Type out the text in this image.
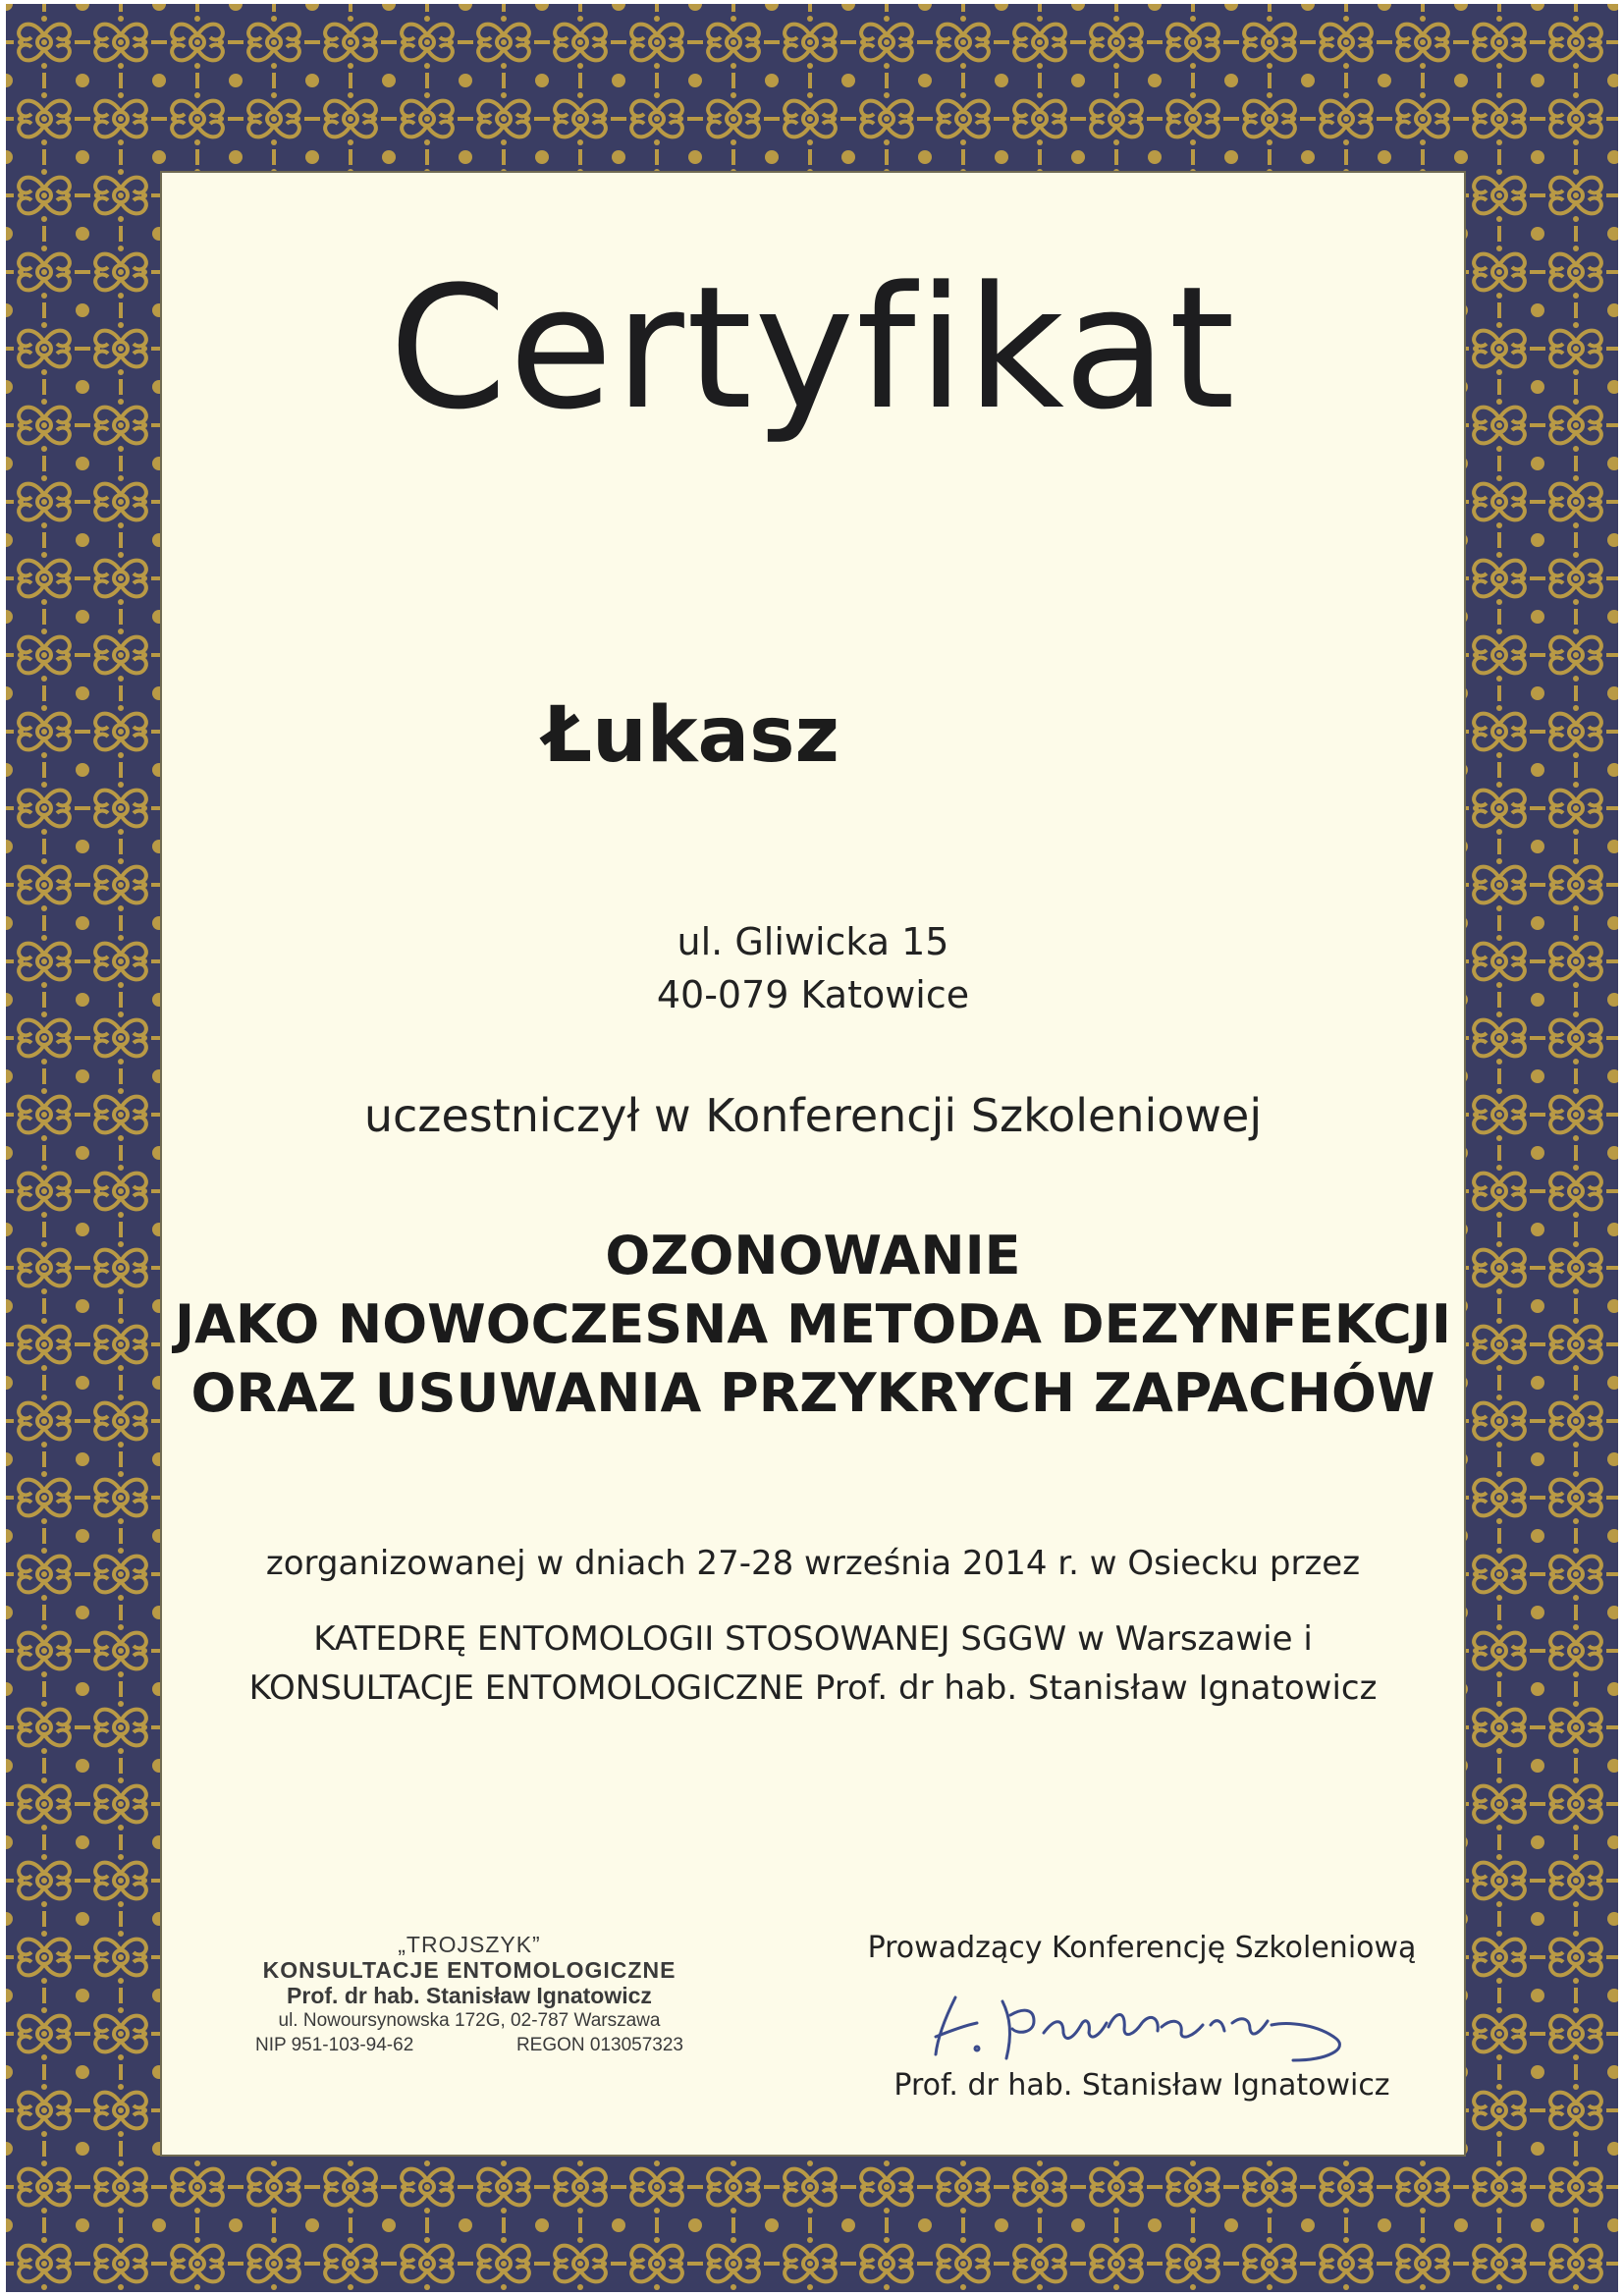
Certyfikat
Łukasz
ul. Gliwicka 15
40-079 Katowice
uczestniczył w Konferencji Szkoleniowej
OZONOWANIE
JAKO NOWOCZESNA METODA DEZYNFEKCJI
ORAZ USUWANIA PRZYKRYCH ZAPACHÓW
zorganizowanej w dniach 27-28 września 2014 r. w Osiecku przez
KATEDRĘ ENTOMOLOGII STOSOWANEJ SGGW w Warszawie i
KONSULTACJE ENTOMOLOGICZNE Prof. dr hab. Stanisław Ignatowicz
„TROJSZYK”
KONSULTACJE ENTOMOLOGICZNE
Prof. dr hab. Stanisław Ignatowicz
ul. Nowoursynowska 172G, 02-787 Warszawa
NIP 951-103-94-62	REGON 013057323
Prowadzący Konferencję Szkoleniową
Prof. dr hab. Stanisław Ignatowicz
